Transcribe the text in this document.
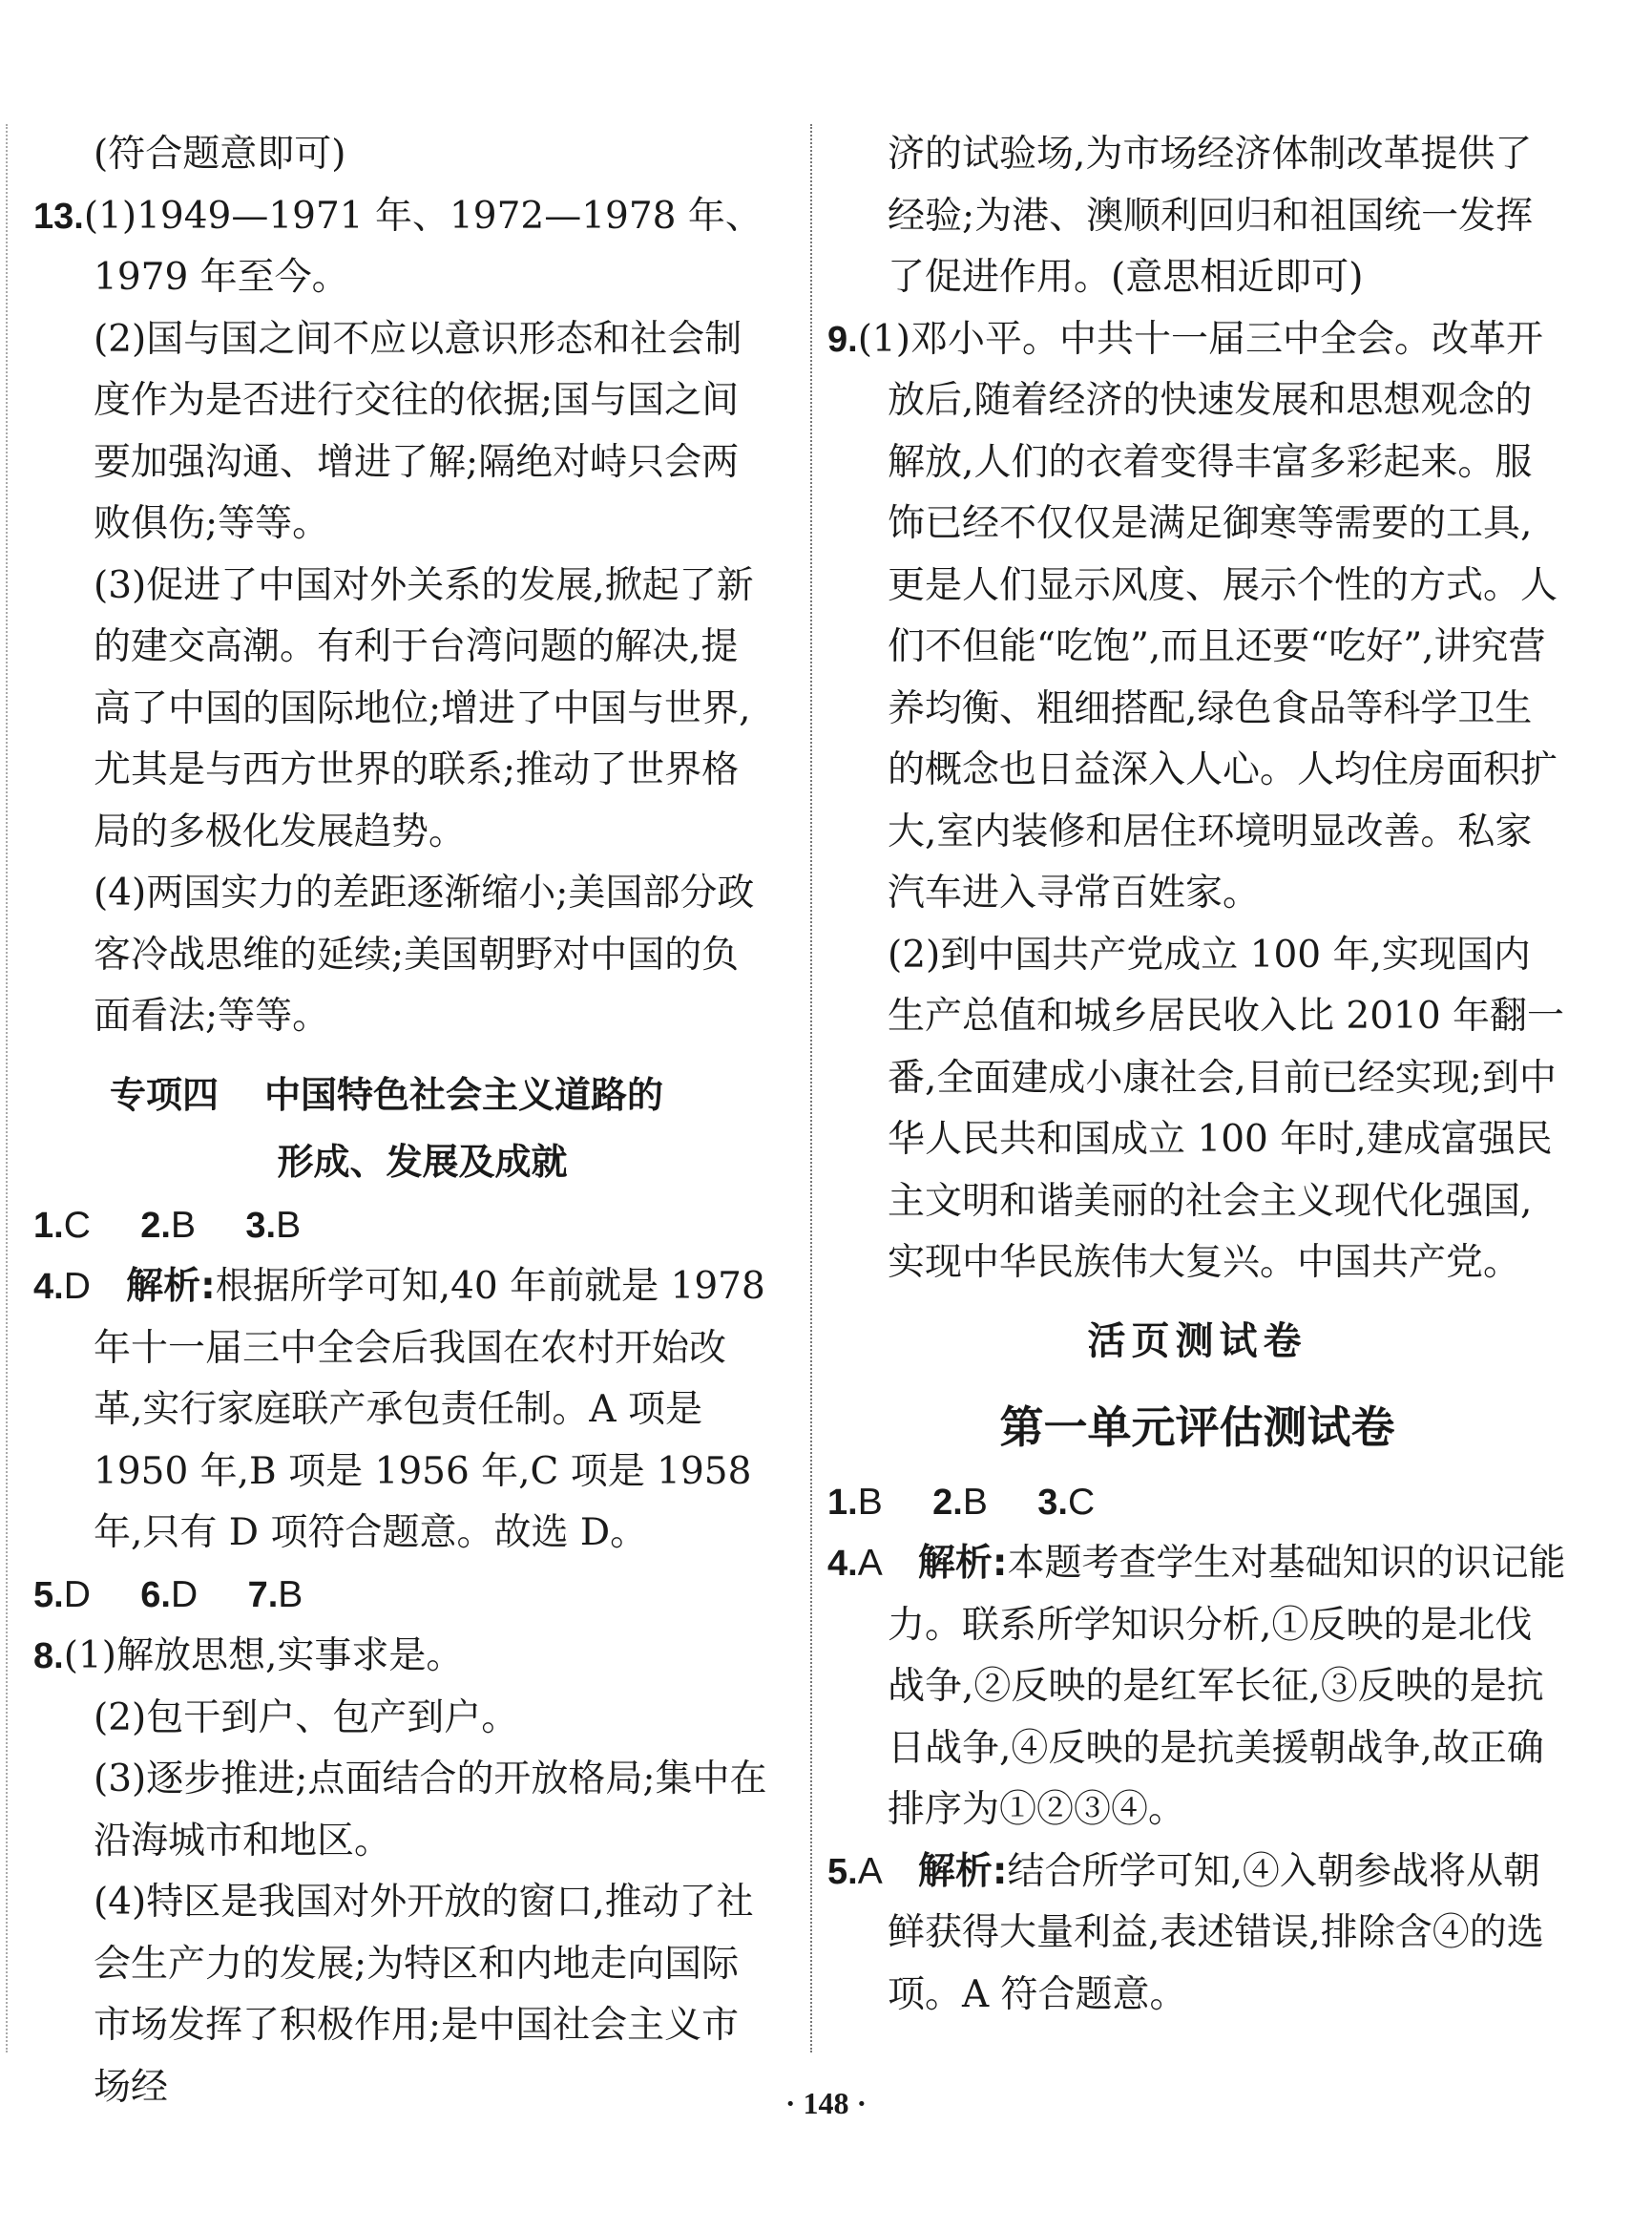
(符合题意即可)

13.(1)1949—1971 年、1972—1978 年、1979 年至今。

(2)国与国之间不应以意识形态和社会制度作为是否进行交往的依据;国与国之间要加强沟通、增进了解;隔绝对峙只会两败俱伤;等等。

(3)促进了中国对外关系的发展,掀起了新的建交高潮。有利于台湾问题的解决,提高了中国的国际地位;增进了中国与世界,尤其是与西方世界的联系;推动了世界格局的多极化发展趋势。

(4)两国实力的差距逐渐缩小;美国部分政客冷战思维的延续;美国朝野对中国的负面看法;等等。

专项四 中国特色社会主义道路的
形成、发展及成就

1.C 2.B 3.B

4.D 解析:根据所学可知,40 年前就是 1978 年十一届三中全会后我国在农村开始改革,实行家庭联产承包责任制。A 项是 1950 年,B 项是 1956 年,C 项是 1958 年,只有 D 项符合题意。故选 D。

5.D 6.D 7.B

8.(1)解放思想,实事求是。

(2)包干到户、包产到户。

(3)逐步推进;点面结合的开放格局;集中在沿海城市和地区。

(4)特区是我国对外开放的窗口,推动了社会生产力的发展;为特区和内地走向国际市场发挥了积极作用;是中国社会主义市场经

济的试验场,为市场经济体制改革提供了经验;为港、澳顺利回归和祖国统一发挥了促进作用。(意思相近即可)

9.(1)邓小平。中共十一届三中全会。改革开放后,随着经济的快速发展和思想观念的解放,人们的衣着变得丰富多彩起来。服饰已经不仅仅是满足御寒等需要的工具,更是人们显示风度、展示个性的方式。人们不但能“吃饱”,而且还要“吃好”,讲究营养均衡、粗细搭配,绿色食品等科学卫生的概念也日益深入人心。人均住房面积扩大,室内装修和居住环境明显改善。私家汽车进入寻常百姓家。

(2)到中国共产党成立 100 年,实现国内生产总值和城乡居民收入比 2010 年翻一番,全面建成小康社会,目前已经实现;到中华人民共和国成立 100 年时,建成富强民主文明和谐美丽的社会主义现代化强国,实现中华民族伟大复兴。中国共产党。

活页测试卷
第一单元评估测试卷

1.B 2.B 3.C

4.A 解析:本题考查学生对基础知识的识记能力。联系所学知识分析,①反映的是北伐战争,②反映的是红军长征,③反映的是抗日战争,④反映的是抗美援朝战争,故正确排序为①②③④。

5.A 解析:结合所学可知,④入朝参战将从朝鲜获得大量利益,表述错误,排除含④的选项。A 符合题意。

· 148 ·
